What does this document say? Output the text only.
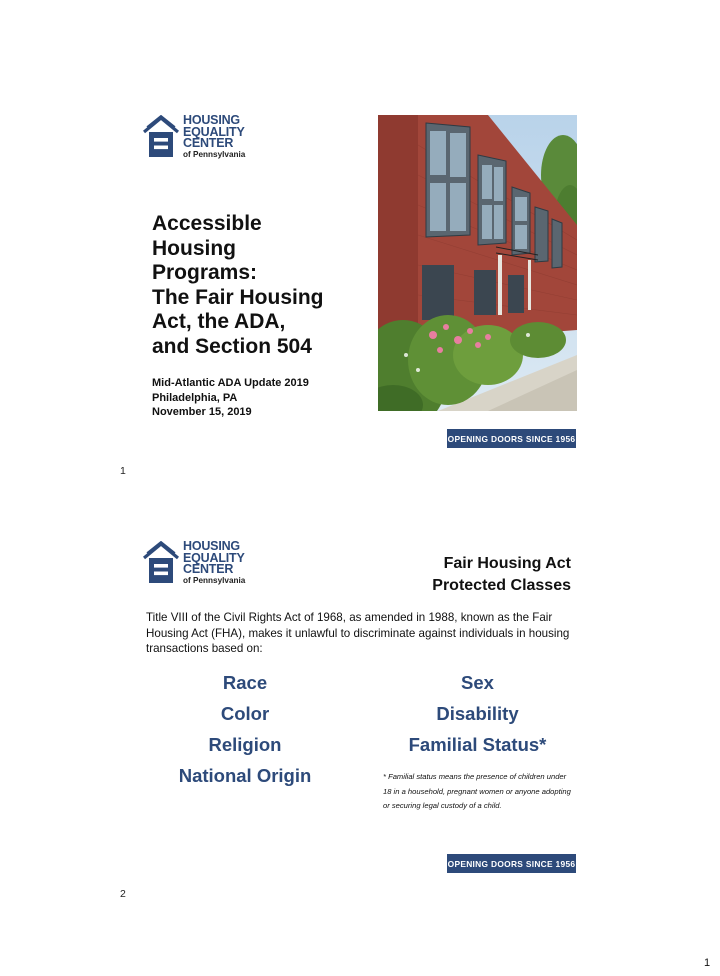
HOUSING
EQUALITY
CENTER
of Pennsylvania
Accessible
Housing
Programs:
The Fair Housing
Act, the ADA,
and Section 504
Mid-Atlantic ADA Update 2019
Philadelphia, PA
November 15, 2019
OPENING DOORS SINCE 1956
1
HOUSING
EQUALITY
CENTER
of Pennsylvania
Fair Housing Act
Protected Classes
Title VIII of the Civil Rights Act of 1968, as amended in 1988, known as the Fair Housing Act (FHA), makes it unlawful to discriminate against individuals in housing transactions based on:
Race
Color
Religion
National Origin
Sex
Disability
Familial Status*
* Familial status means the presence of children under 18 in a household, pregnant women or anyone adopting or securing legal custody of a child.
OPENING DOORS SINCE 1956
2
1
